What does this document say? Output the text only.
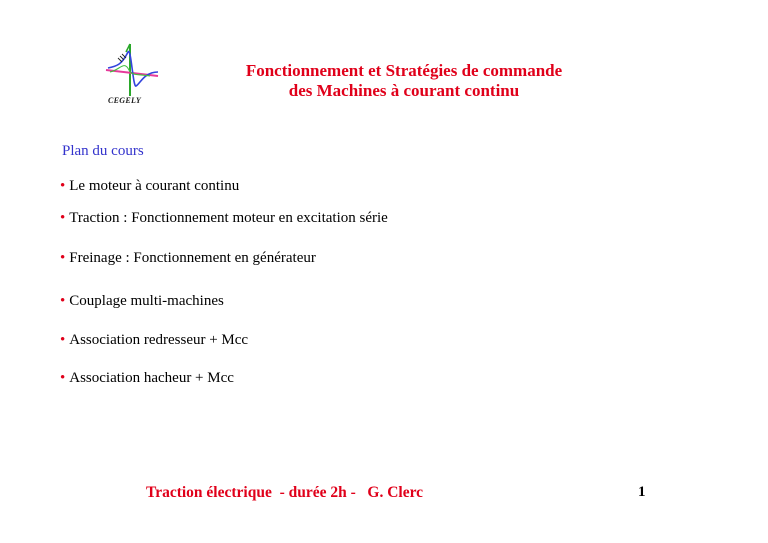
CEGELY
Fonctionnement et Stratégies de commande
des Machines à courant continu
Plan du cours
• Le moteur à courant continu
• Traction : Fonctionnement moteur en excitation série
• Freinage : Fonctionnement en générateur
• Couplage multi-machines
• Association redresseur + Mcc
• Association hacheur + Mcc
Traction électrique  - durée 2h -   G. Clerc	1
